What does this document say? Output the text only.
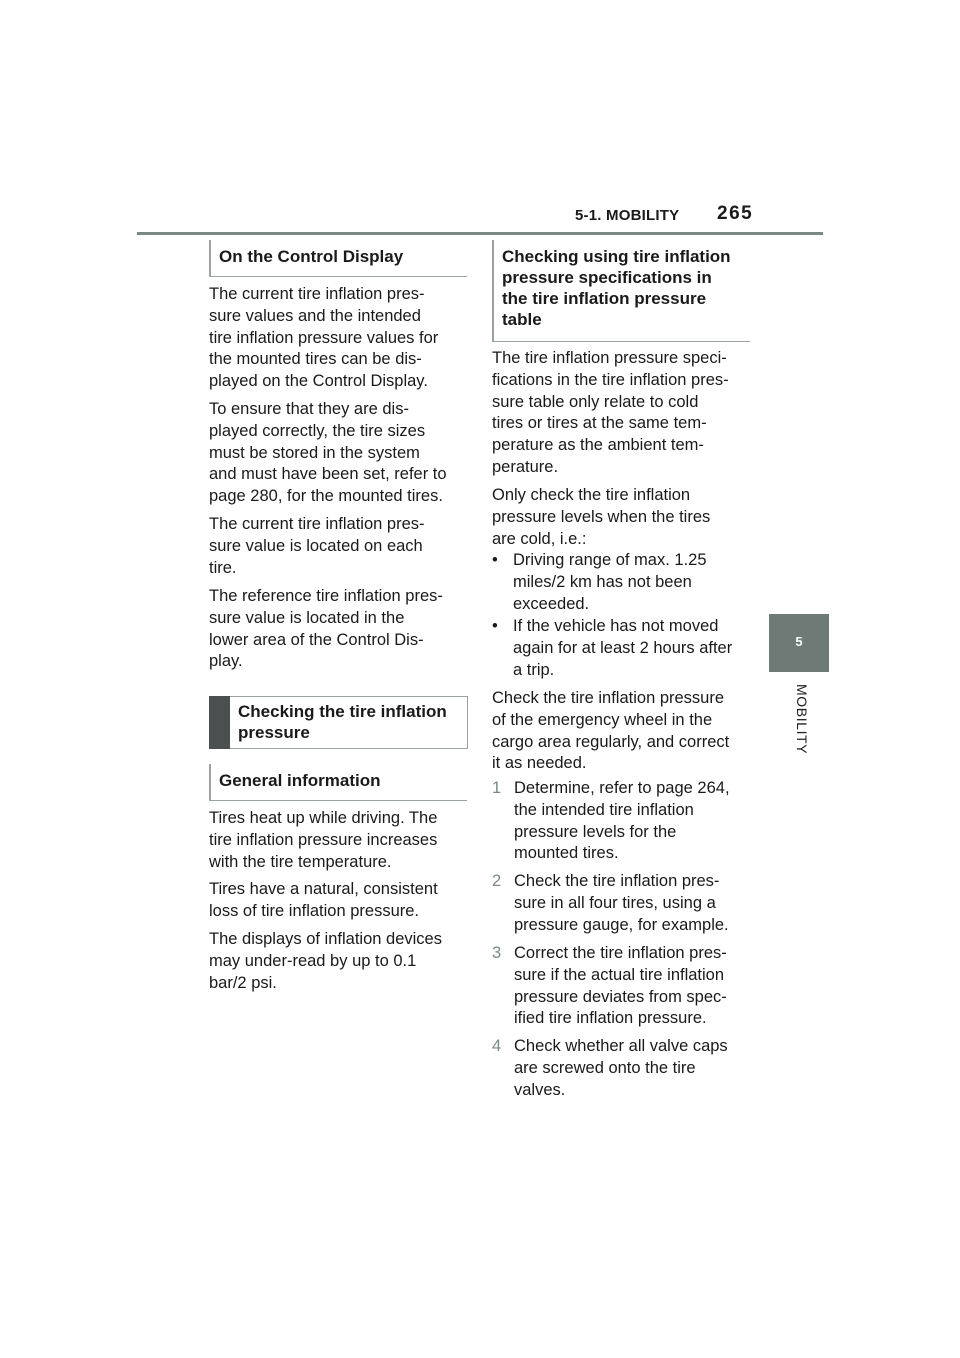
5-1. MOBILITY 265
5
MOBILITY
On the Control Display

The current tire inflation pres-
sure values and the intended
tire inflation pressure values for
the mounted tires can be dis-
played on the Control Display.

To ensure that they are dis-
played correctly, the tire sizes
must be stored in the system
and must have been set, refer to
page 280, for the mounted tires.

The current tire inflation pres-
sure value is located on each
tire.

The reference tire inflation pres-
sure value is located in the
lower area of the Control Dis-
play.

Checking the tire inflation
pressure
General information

Tires heat up while driving. The
tire inflation pressure increases
with the tire temperature.

Tires have a natural, consistent
loss of tire inflation pressure.

The displays of inflation devices
may under-read by up to 0.1
bar/2 psi.

Checking using tire inflation
pressure specifications in
the tire inflation pressure
table

The tire inflation pressure speci-
fications in the tire inflation pres-
sure table only relate to cold
tires or tires at the same tem-
perature as the ambient tem-
perature.

Only check the tire inflation
pressure levels when the tires
are cold, i.e.:

• Driving range of max. 1.25
miles/2 km has not been
exceeded.
• If the vehicle has not moved
again for at least 2 hours after
a trip.

Check the tire inflation pressure
of the emergency wheel in the
cargo area regularly, and correct
it as needed.

1 Determine, refer to page 264,
the intended tire inflation
pressure levels for the
mounted tires.
2 Check the tire inflation pres-
sure in all four tires, using a
pressure gauge, for example.
3 Correct the tire inflation pres-
sure if the actual tire inflation
pressure deviates from spec-
ified tire inflation pressure.
4 Check whether all valve caps
are screwed onto the tire
valves.
